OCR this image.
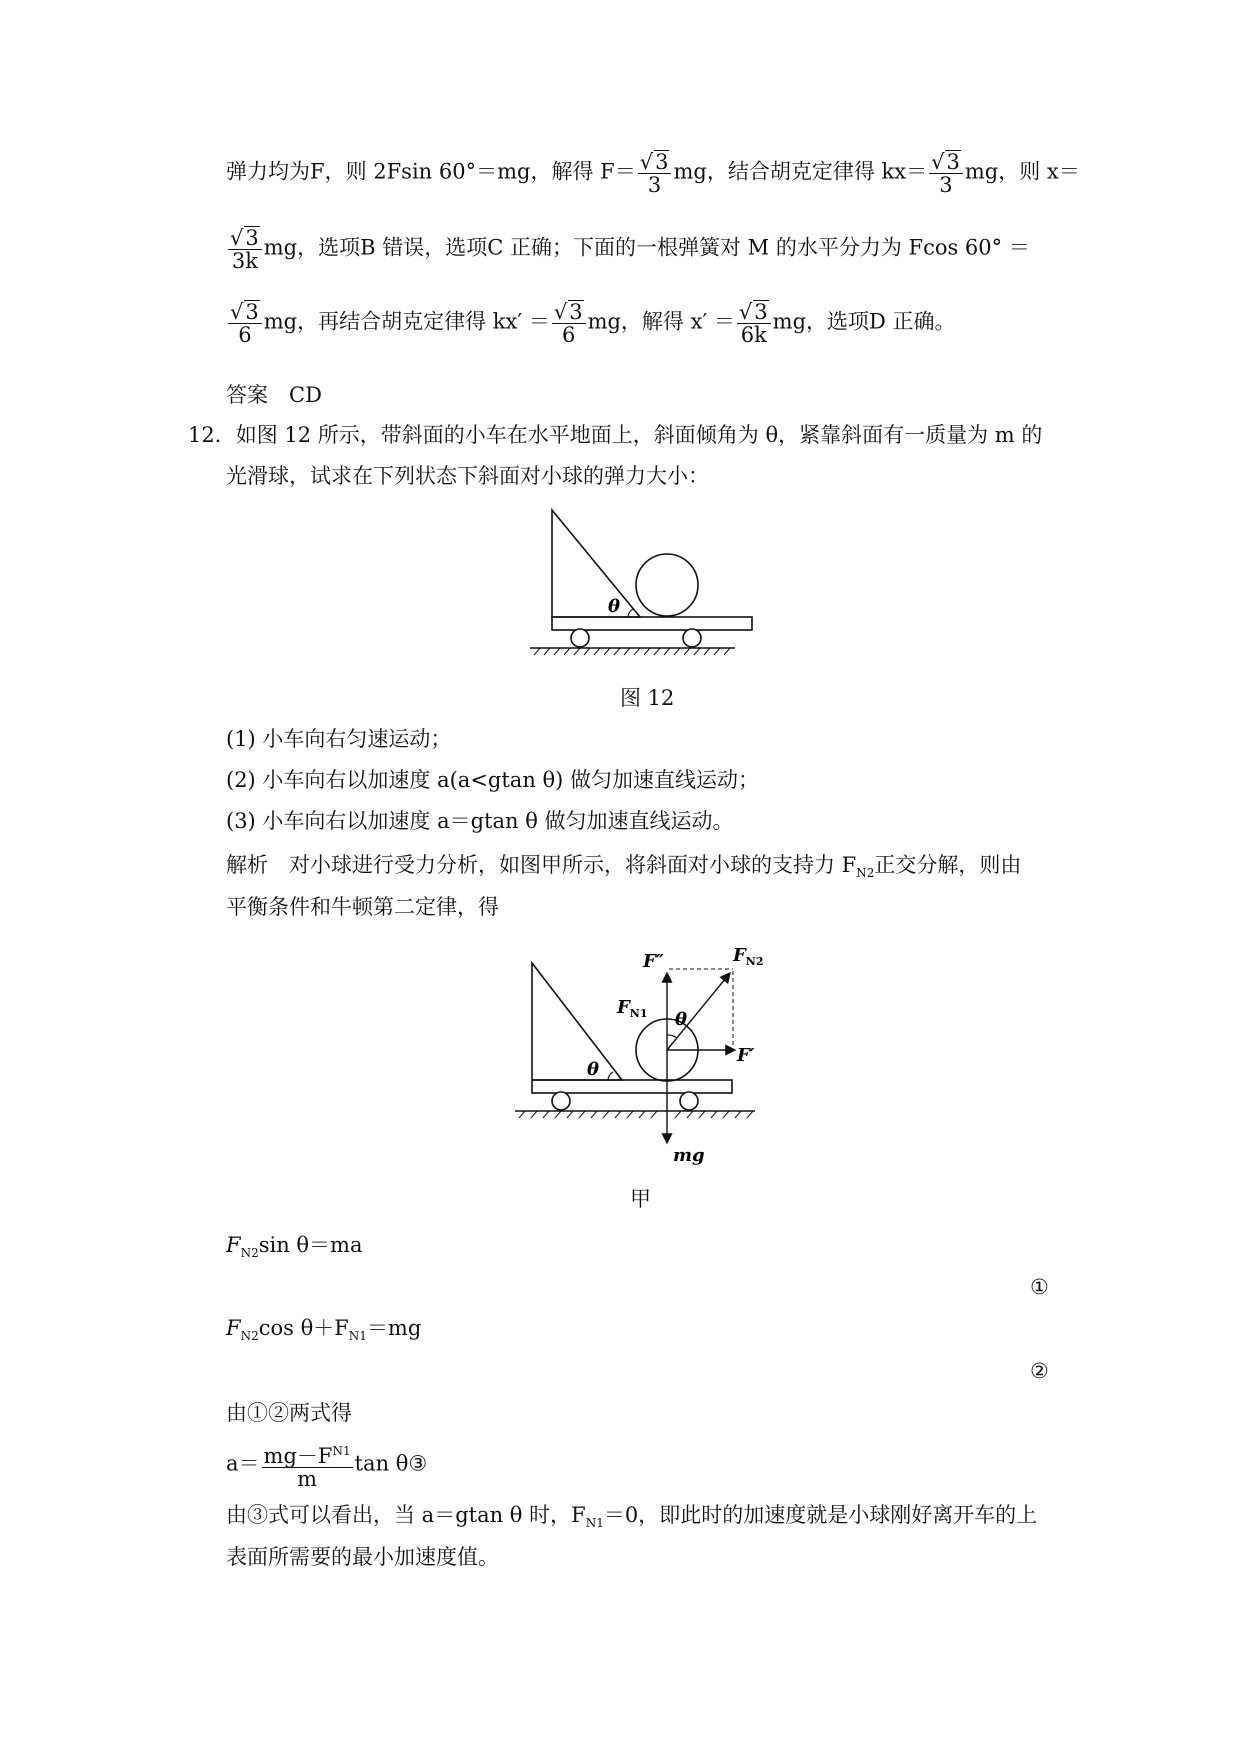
弹力均为F，则 2Fsin 60°＝mg，解得 $F= \frac{√3}{3}$ mg，结合胡克定律得 $kx= \frac{√3}{3}$ mg，则 x＝
$\frac{√3}{3k}$ mg，选项B 错误，选项C 正确；下面的一根弹簧对 M 的水平分力为 Fcos 60° ＝
$\frac{√3}{6}$ mg，再结合胡克定律得 $kx' = \frac{√3}{6}$ mg，解得 $x' = \frac{√3}{6k}$ mg，选项D 正确。
答案　CD
12．如图 12 所示，带斜面的小车在水平地面上，斜面倾角为 θ，紧靠斜面有一质量为 m 的
光滑球，试求在下列状态下斜面对小球的弹力大小：
θ
图 12
(1) 小车向右匀速运动；
(2) 小车向右以加速度 a(a<gtan θ) 做匀加速直线运动；
(3) 小车向右以加速度 a＝gtan θ 做匀加速直线运动。
解析　对小球进行受力分析，如图甲所示，将斜面对小球的支持力 $F_{N2}$正交分解，则由
平衡条件和牛顿第二定律，得
θ
θ
F″	$F_{N2}$
$F_{N1}$
F′
mg
甲
$F_{N2}\sin$ θ＝ma
①
$F_{N2}\cos$ $\theta+F_{N1}=mg$
②
由①②两式得
$a= \frac{mg-F^{N1}}{m}$ tan θ③
由③式可以看出，当 a＝gtan θ 时，$F_{N1}=0$，即此时的加速度就是小球刚好离开车的上
表面所需要的最小加速度值。
